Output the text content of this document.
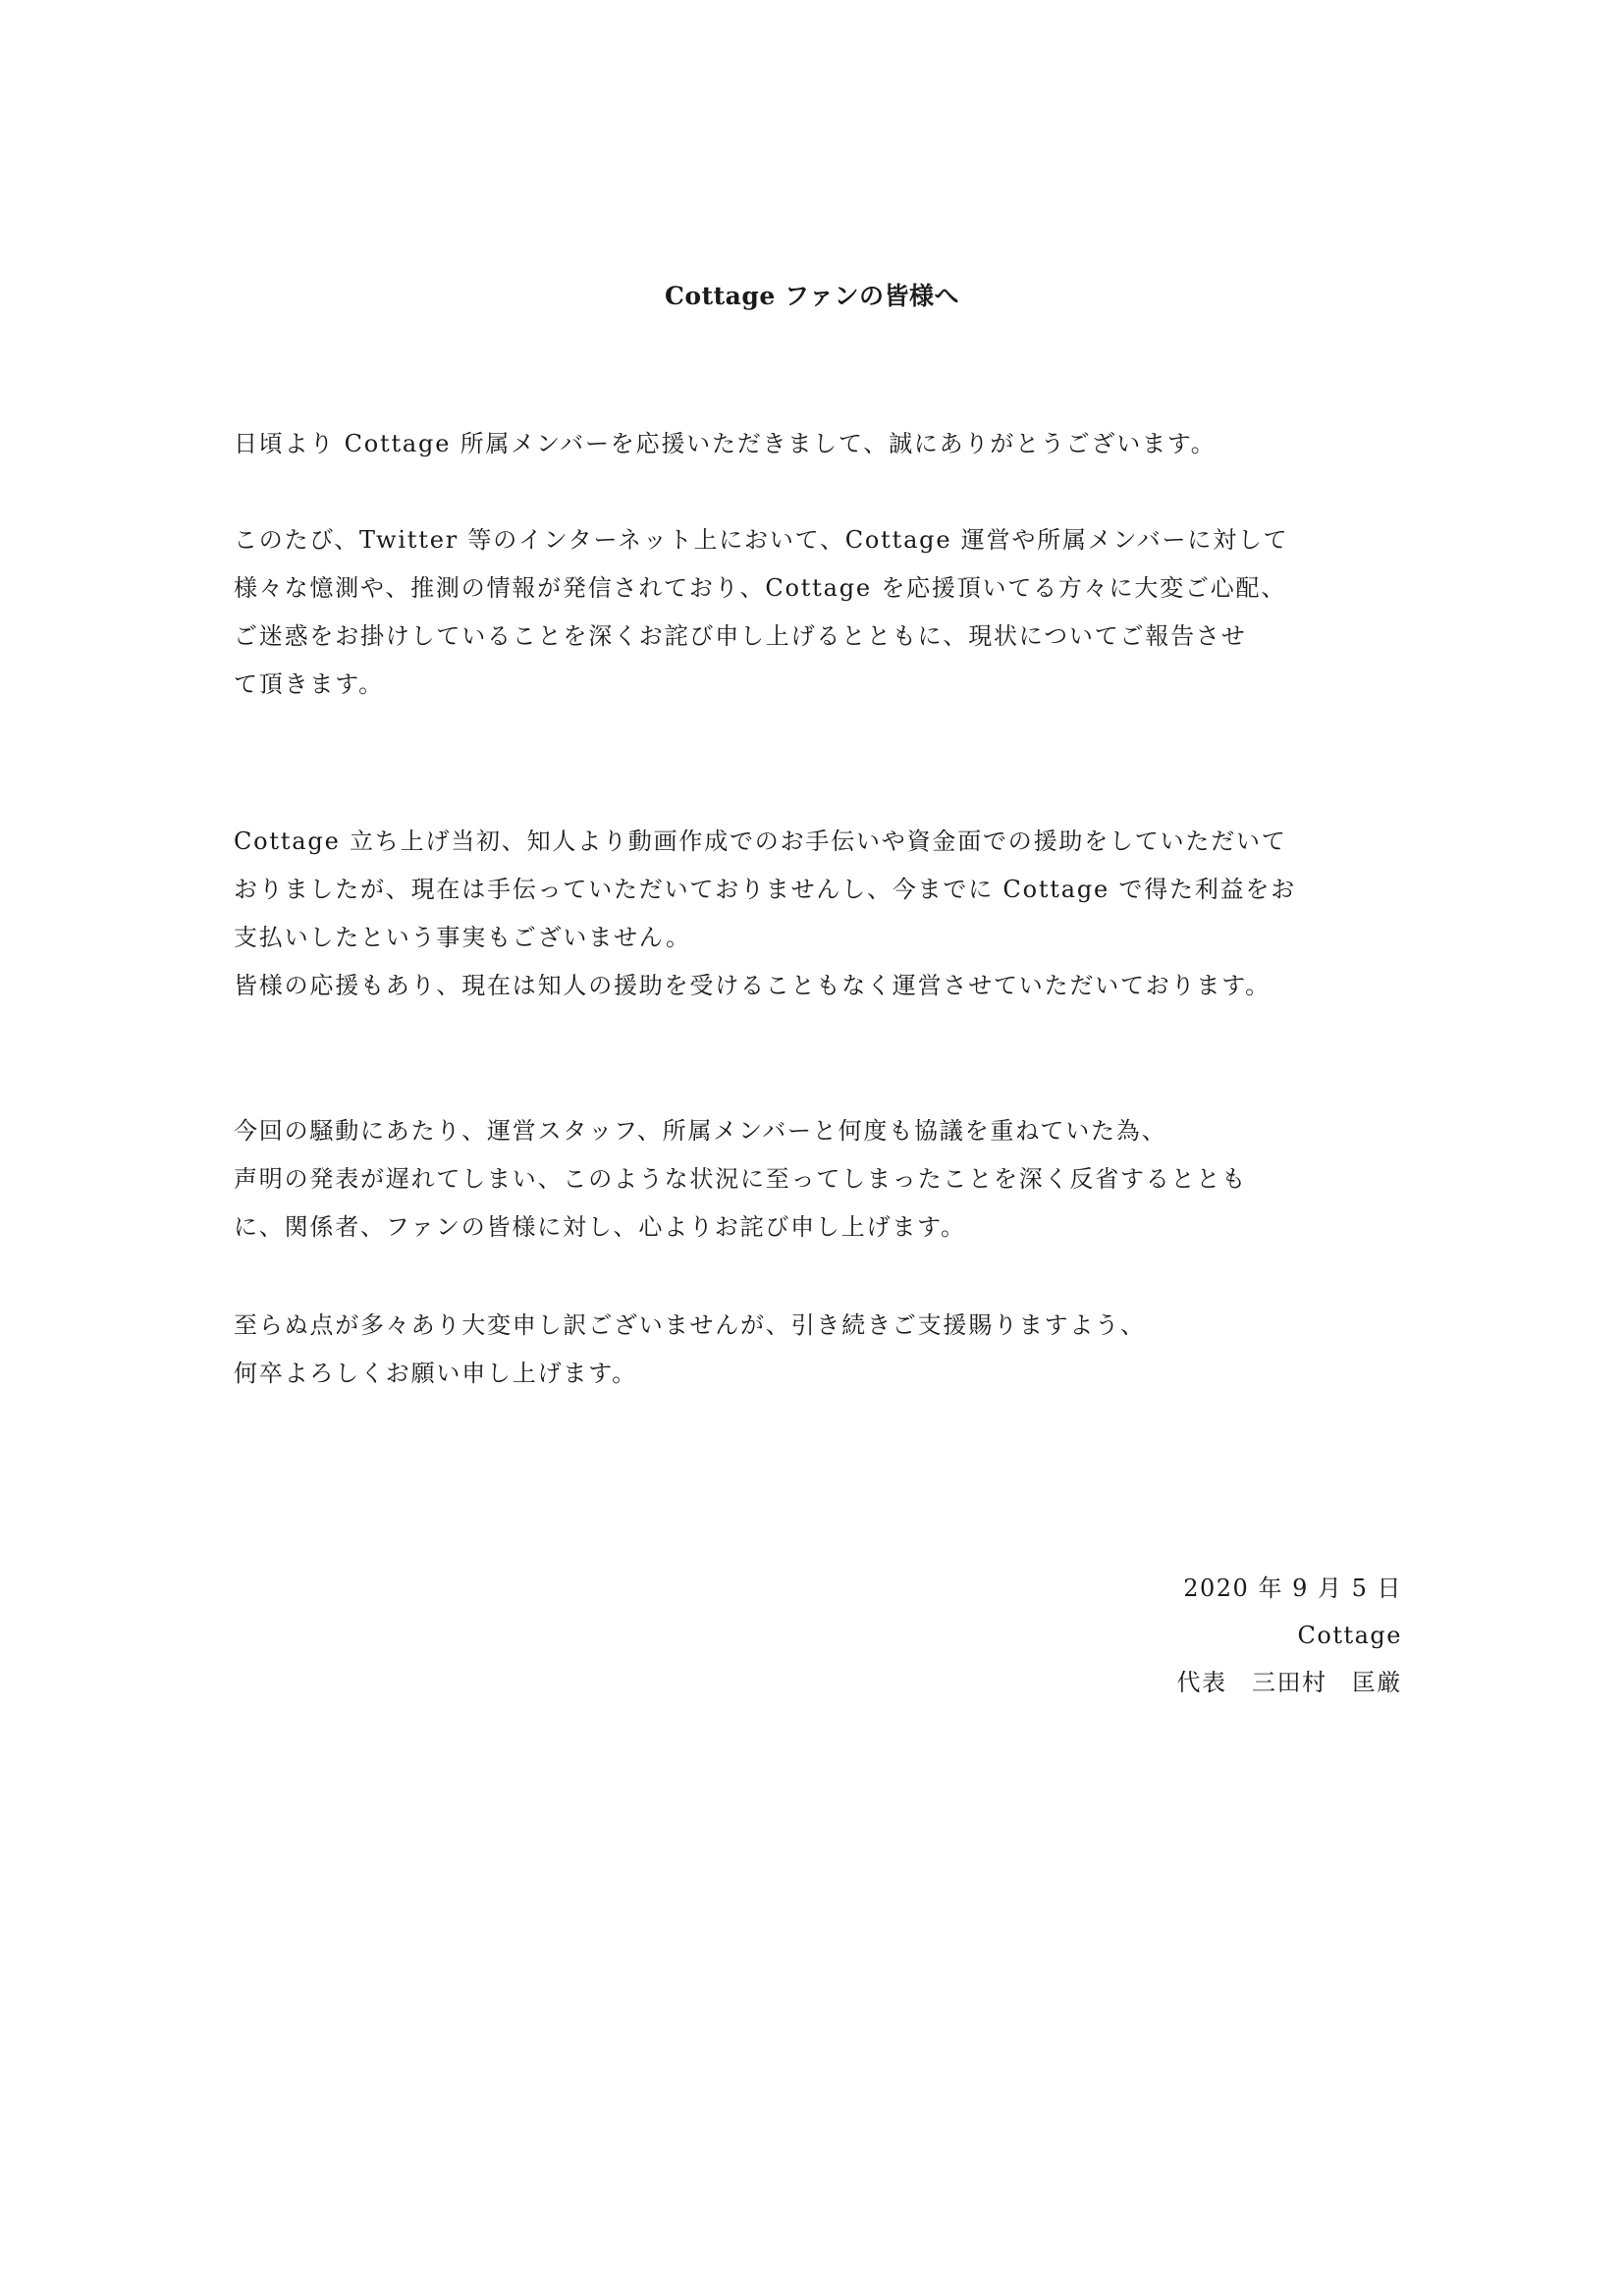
Cottage ファンの皆様へ

日頃より Cottage 所属メンバーを応援いただきまして、誠にありがとうございます。

このたび、Twitter 等のインターネット上において、Cottage 運営や所属メンバーに対して
様々な憶測や、推測の情報が発信されており、Cottage を応援頂いてる方々に大変ご心配、
ご迷惑をお掛けしていることを深くお詫び申し上げるとともに、現状についてご報告させ
て頂きます。

Cottage 立ち上げ当初、知人より動画作成でのお手伝いや資金面での援助をしていただいて
おりましたが、現在は手伝っていただいておりませんし、今までに Cottage で得た利益をお
支払いしたという事実もございません。
皆様の応援もあり、現在は知人の援助を受けることもなく運営させていただいております。

今回の騒動にあたり、運営スタッフ、所属メンバーと何度も協議を重ねていた為、
声明の発表が遅れてしまい、このような状況に至ってしまったことを深く反省するととも
に、関係者、ファンの皆様に対し、心よりお詫び申し上げます。

至らぬ点が多々あり大変申し訳ございませんが、引き続きご支援賜りますよう、
何卒よろしくお願い申し上げます。

2020 年 9 月 5 日
Cottage
代表　三田村　匡厳
